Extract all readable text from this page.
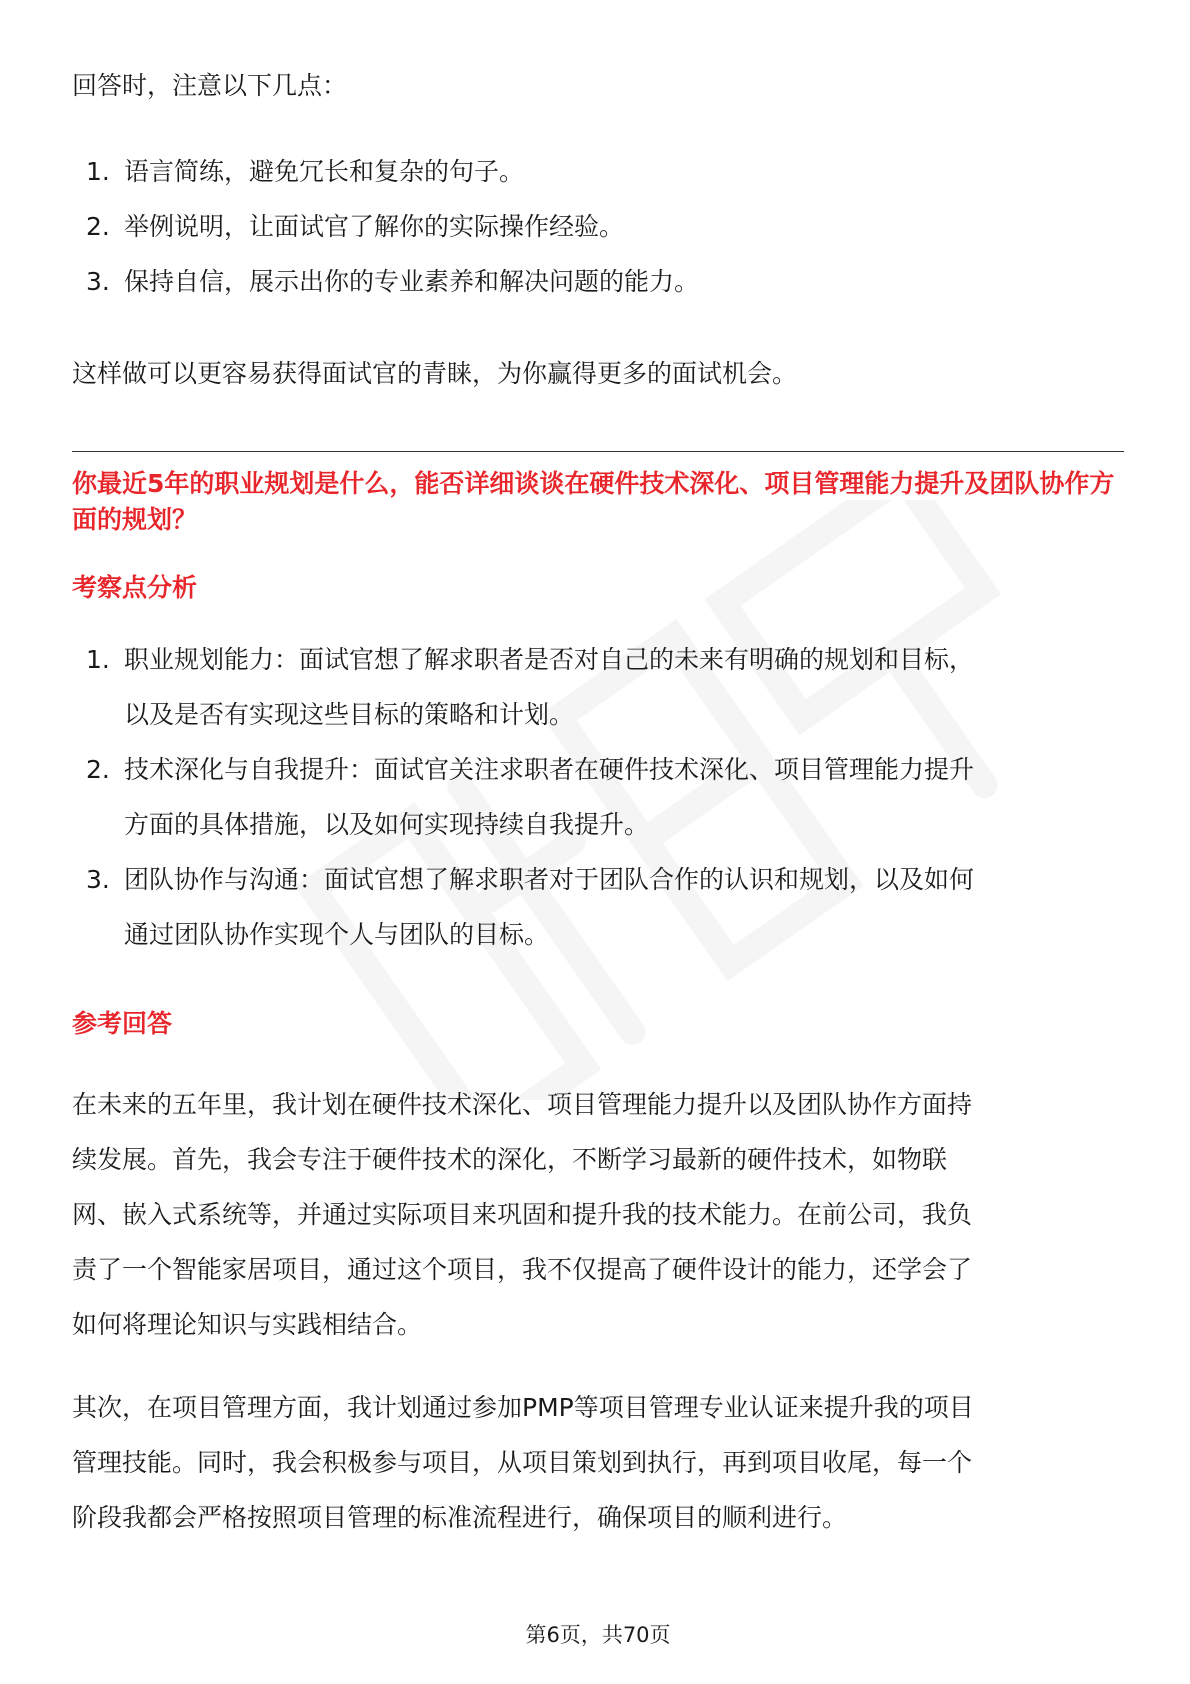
回答时，注意以下几点：

1. 语言简练，避免冗长和复杂的句子。
2. 举例说明，让面试官了解你的实际操作经验。
3. 保持自信，展示出你的专业素养和解决问题的能力。

这样做可以更容易获得面试官的青睐，为你赢得更多的面试机会。

你最近5年的职业规划是什么，能否详细谈谈在硬件技术深化、项目管理能力提升及团队协作方面的规划？

考察点分析

1. 职业规划能力：面试官想了解求职者是否对自己的未来有明确的规划和目标，
以及是否有实现这些目标的策略和计划。
2. 技术深化与自我提升：面试官关注求职者在硬件技术深化、项目管理能力提升
方面的具体措施，以及如何实现持续自我提升。
3. 团队协作与沟通：面试官想了解求职者对于团队合作的认识和规划，以及如何
通过团队协作实现个人与团队的目标。

参考回答

在未来的五年里，我计划在硬件技术深化、项目管理能力提升以及团队协作方面持
续发展。首先，我会专注于硬件技术的深化，不断学习最新的硬件技术，如物联
网、嵌入式系统等，并通过实际项目来巩固和提升我的技术能力。在前公司，我负
责了一个智能家居项目，通过这个项目，我不仅提高了硬件设计的能力，还学会了
如何将理论知识与实践相结合。

其次，在项目管理方面，我计划通过参加PMP等项目管理专业认证来提升我的项目
管理技能。同时，我会积极参与项目，从项目策划到执行，再到项目收尾，每一个
阶段我都会严格按照项目管理的标准流程进行，确保项目的顺利进行。

第6页，共70页
